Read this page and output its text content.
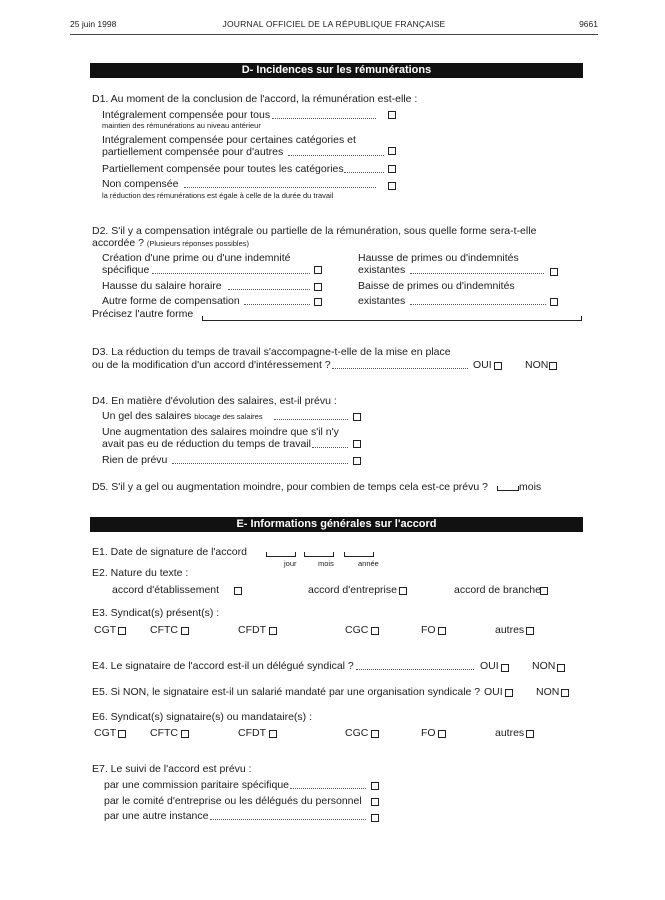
25 juin 1998	JOURNAL OFFICIEL DE LA RÉPUBLIQUE FRANÇAISE	9661
D- Incidences sur les rémunérations
D1. Au moment de la conclusion de l'accord, la rémunération est-elle :
Intégralement compensée pour tous
maintien des rémunérations au niveau antérieur
Intégralement compensée pour certaines catégories et
partiellement compensée pour d'autres
Partiellement compensée pour toutes les catégories
Non compensée
la réduction des rémunérations est égale à celle de la durée du travail
D2. S'il y a compensation intégrale ou partielle de la rémunération, sous quelle forme sera-t-elle
accordée ? (Plusieurs réponses possibles)
Création d'une prime ou d'une indemnité
spécifique
Hausse du salaire horaire
Autre forme de compensation
Hausse de primes ou d'indemnités
existantes
Baisse de primes ou d'indemnités
existantes
Précisez l'autre forme
D3. La réduction du temps de travail s'accompagne-t-elle de la mise en place
ou de la modification d'un accord d'intéressement ?	OUI	NON
D4. En matière d'évolution des salaires, est-il prévu :
Un gel des salaires blocage des salaires
Une augmentation des salaires moindre que s'il n'y
avait pas eu de réduction du temps de travail
Rien de prévu
D5. S'il y a gel ou augmentation moindre, pour combien de temps cela est-ce prévu ?	mois
E- Informations générales sur l'accord
E1. Date de signature de l'accord
jour	mois	année
E2. Nature du texte :
accord d'établissement	accord d'entreprise	accord de branche
E3. Syndicat(s) présent(s) :
CGT	CFTC	CFDT	CGC	FO	autres
E4. Le signataire de l'accord est-il un délégué syndical ?	OUI	NON
E5. Si NON, le signataire est-il un salarié mandaté par une organisation syndicale ? OUI	NON
E6. Syndicat(s) signataire(s) ou mandataire(s) :
CGT	CFTC	CFDT	CGC	FO	autres
E7. Le suivi de l'accord est prévu :
par une commission paritaire spécifique
par le comité d'entreprise ou les délégués du personnel
par une autre instance
